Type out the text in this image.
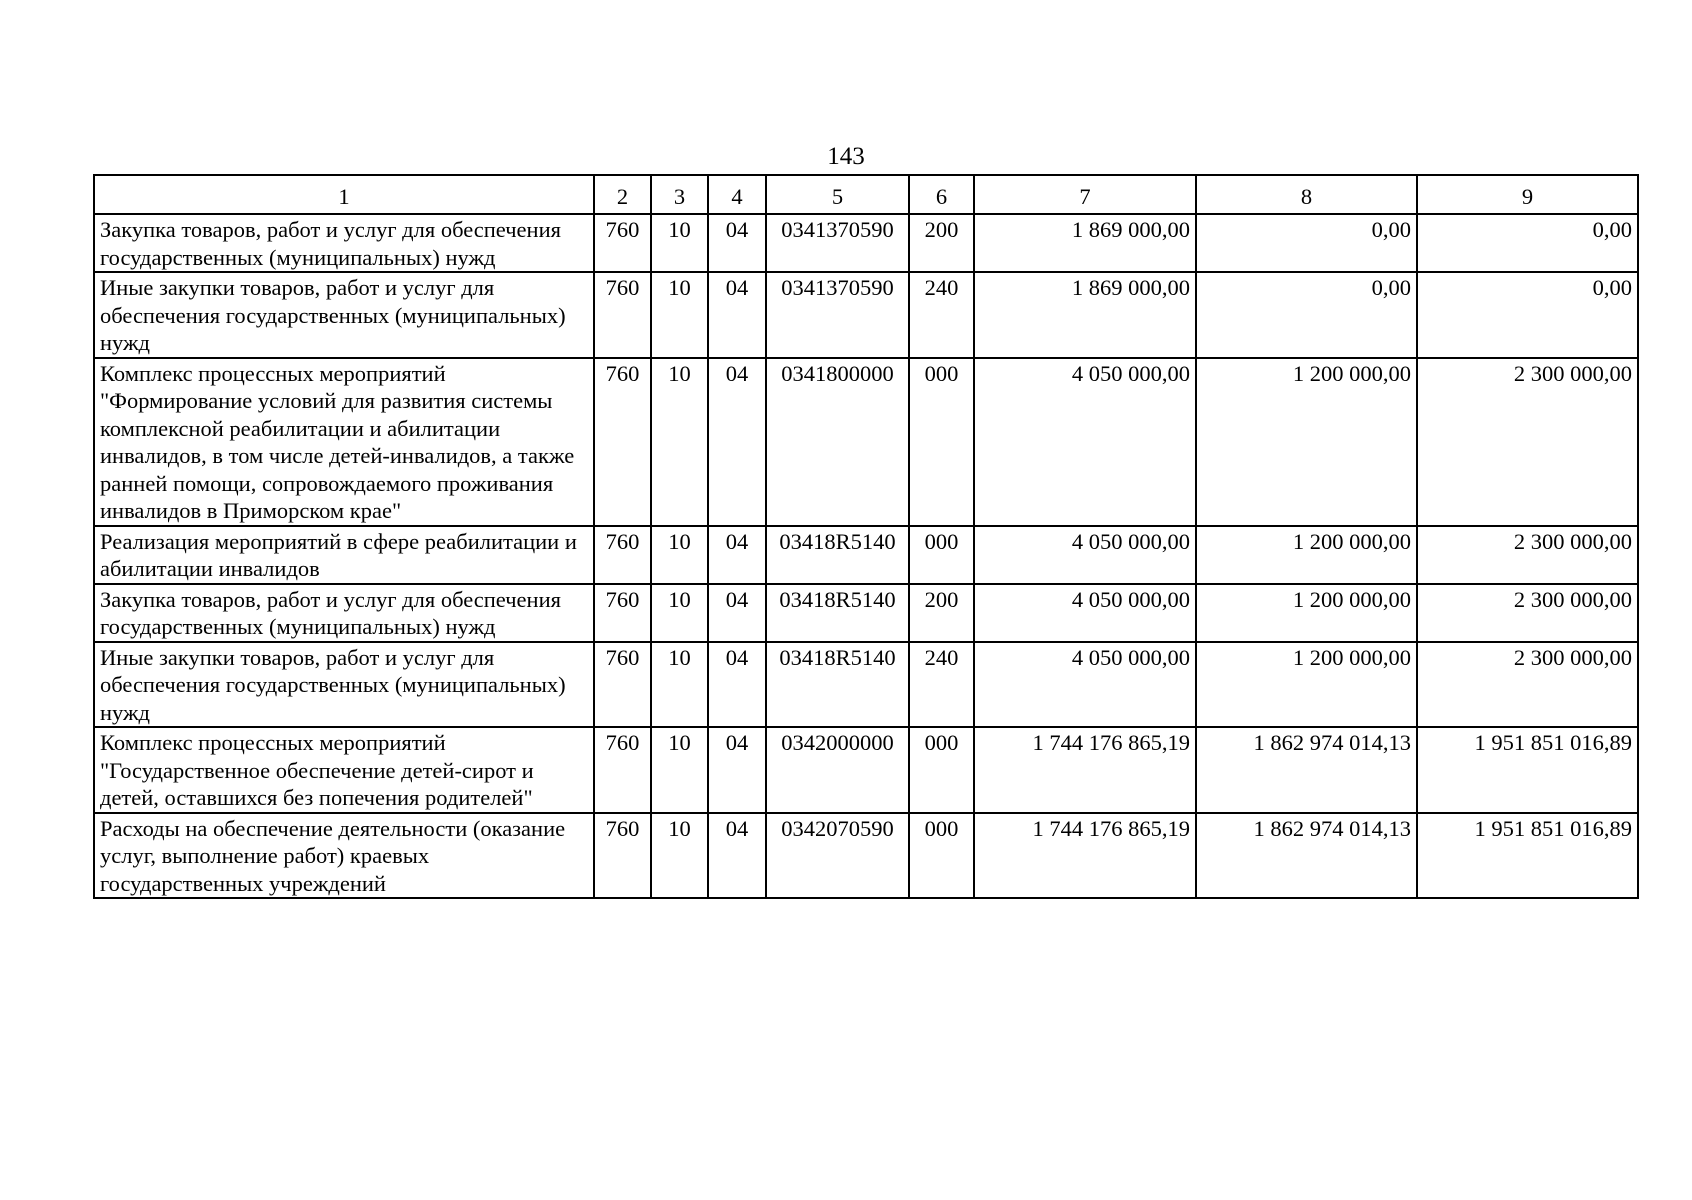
143
1	2	3	4	5	6	7	8	9
Закупка товаров, работ и услуг для обеспечения государственных (муниципальных) нужд	760	10	04	0341370590	200	1 869 000,00	0,00	0,00
Иные закупки товаров, работ и услуг для обеспечения государственных (муниципальных) нужд	760	10	04	0341370590	240	1 869 000,00	0,00	0,00
Комплекс процессных мероприятий "Формирование условий для развития системы комплексной реабилитации и абилитации инвалидов, в том числе детей-инвалидов, а также ранней помощи, сопровождаемого проживания инвалидов в Приморском крае"	760	10	04	0341800000	000	4 050 000,00	1 200 000,00	2 300 000,00
Реализация мероприятий в сфере реабилитации и абилитации инвалидов	760	10	04	03418R5140	000	4 050 000,00	1 200 000,00	2 300 000,00
Закупка товаров, работ и услуг для обеспечения государственных (муниципальных) нужд	760	10	04	03418R5140	200	4 050 000,00	1 200 000,00	2 300 000,00
Иные закупки товаров, работ и услуг для обеспечения государственных (муниципальных) нужд	760	10	04	03418R5140	240	4 050 000,00	1 200 000,00	2 300 000,00
Комплекс процессных мероприятий "Государственное обеспечение детей-сирот и детей, оставшихся без попечения родителей"	760	10	04	0342000000	000	1 744 176 865,19	1 862 974 014,13	1 951 851 016,89
Расходы на обеспечение деятельности (оказание услуг, выполнение работ) краевых государственных учреждений	760	10	04	0342070590	000	1 744 176 865,19	1 862 974 014,13	1 951 851 016,89
